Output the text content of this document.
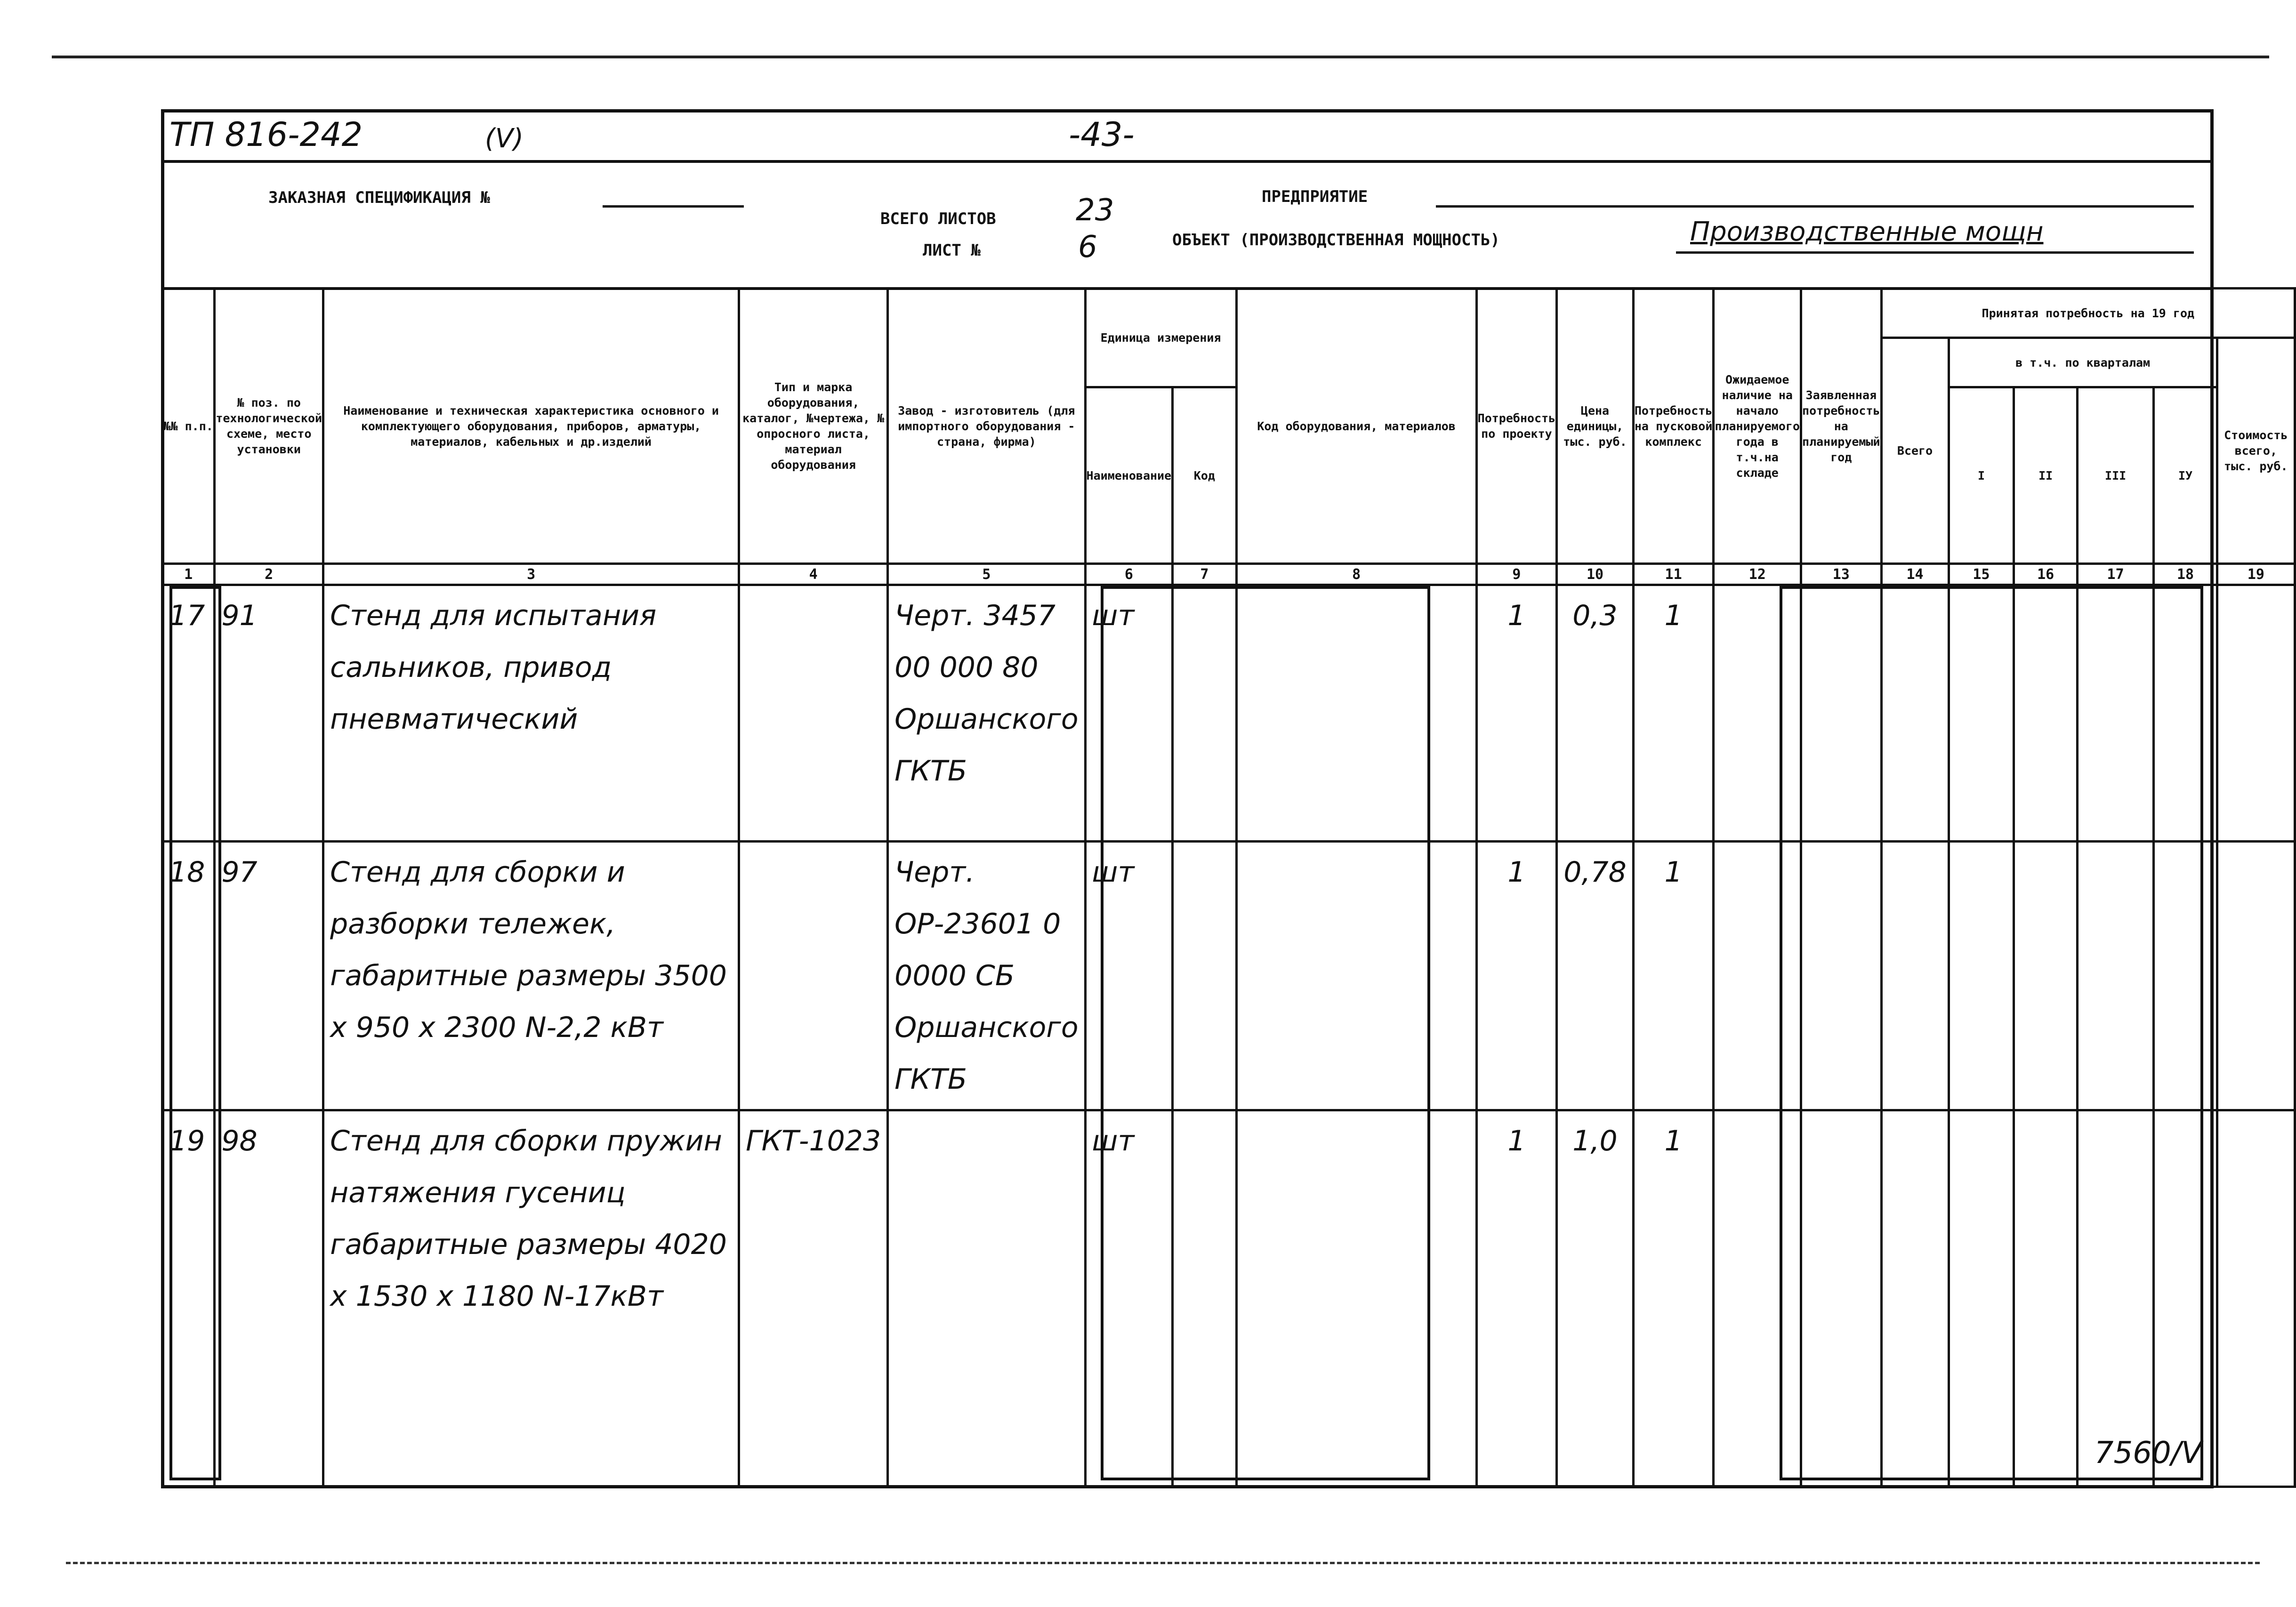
ТП 816-242	(V)	-43-
ЗАКАЗНАЯ СПЕЦИФИКАЦИЯ №
ВСЕГО ЛИСТОВ	23
ЛИСТ №	6
ПРЕДПРИЯТИЕ
ОБЪЕКТ (ПРОИЗВОДСТВЕННАЯ МОЩНОСТЬ)	Производственные мощн
№№ п.п.	№ поз. по технологической схеме, место установки	Наименование и техническая характеристика основного и комплектующего оборудования, приборов, арматуры, материалов, кабельных и др.изделий	Тип и марка оборудования, каталог, №чертежа, № опросного листа, материал оборудования	Завод - изготовитель (для импортного оборудования - страна, фирма)	Единица измерения		Код оборудования, материалов	Потребность по проекту	Цена единицы, тыс. руб.	Потребность на пусковой комплекс	Ожидаемое наличие на начало планируемого года в т.ч.на складе	Заявленная потребность на планируемый год	Принятая потребность на 19 год					
													Всего	в т.ч. по кварталам				Стоимость всего, тыс. руб.
					Наименование	Код								I	II	III	IУ	
1	2	3	4	5	6	7	8	9	10	11	12	13	14	15	16	17	18	19
17	91	Стенд для испытания сальников, привод пневматический		Черт. 3457 00 000 80 Оршанского ГКТБ	шт			1	0,3	1								
18	97	Стенд для сборки и разборки тележек, габаритные размеры 3500 х 950 х 2300 N-2,2 кВт		Черт. ОР-23601 0 0000 СБ Оршанского ГКТБ	шт			1	0,78	1								
19	98	Стенд для сборки пружин натяжения гусениц габаритные размеры 4020 х 1530 х 1180 N-17кВт	ГКТ-1023		шт			1	1,0	1								
7560/V
